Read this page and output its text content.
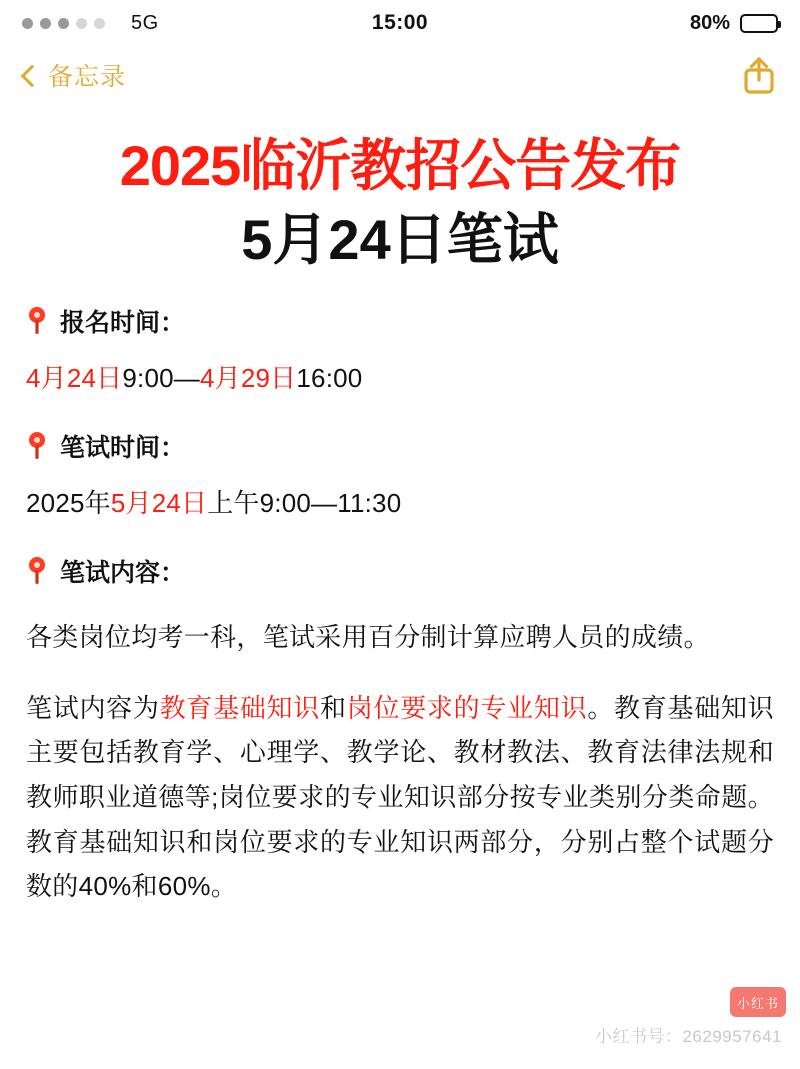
5G	15:00	80%
备忘录
2025临沂教招公告发布
5月24日笔试
报名时间：
4月24日9:00—4月29日16:00
笔试时间：
2025年5月24日上午9:00—11:30
笔试内容：
各类岗位均考一科，笔试采用百分制计算应聘人员的成绩。
笔试内容为教育基础知识和岗位要求的专业知识。教育基础知识主要包括教育学、心理学、教学论、教材教法、教育法律法规和教师职业道德等;岗位要求的专业知识部分按专业类别分类命题。教育基础知识和岗位要求的专业知识两部分，分别占整个试题分数的40%和60%。
小红书
小红书号：2629957641
